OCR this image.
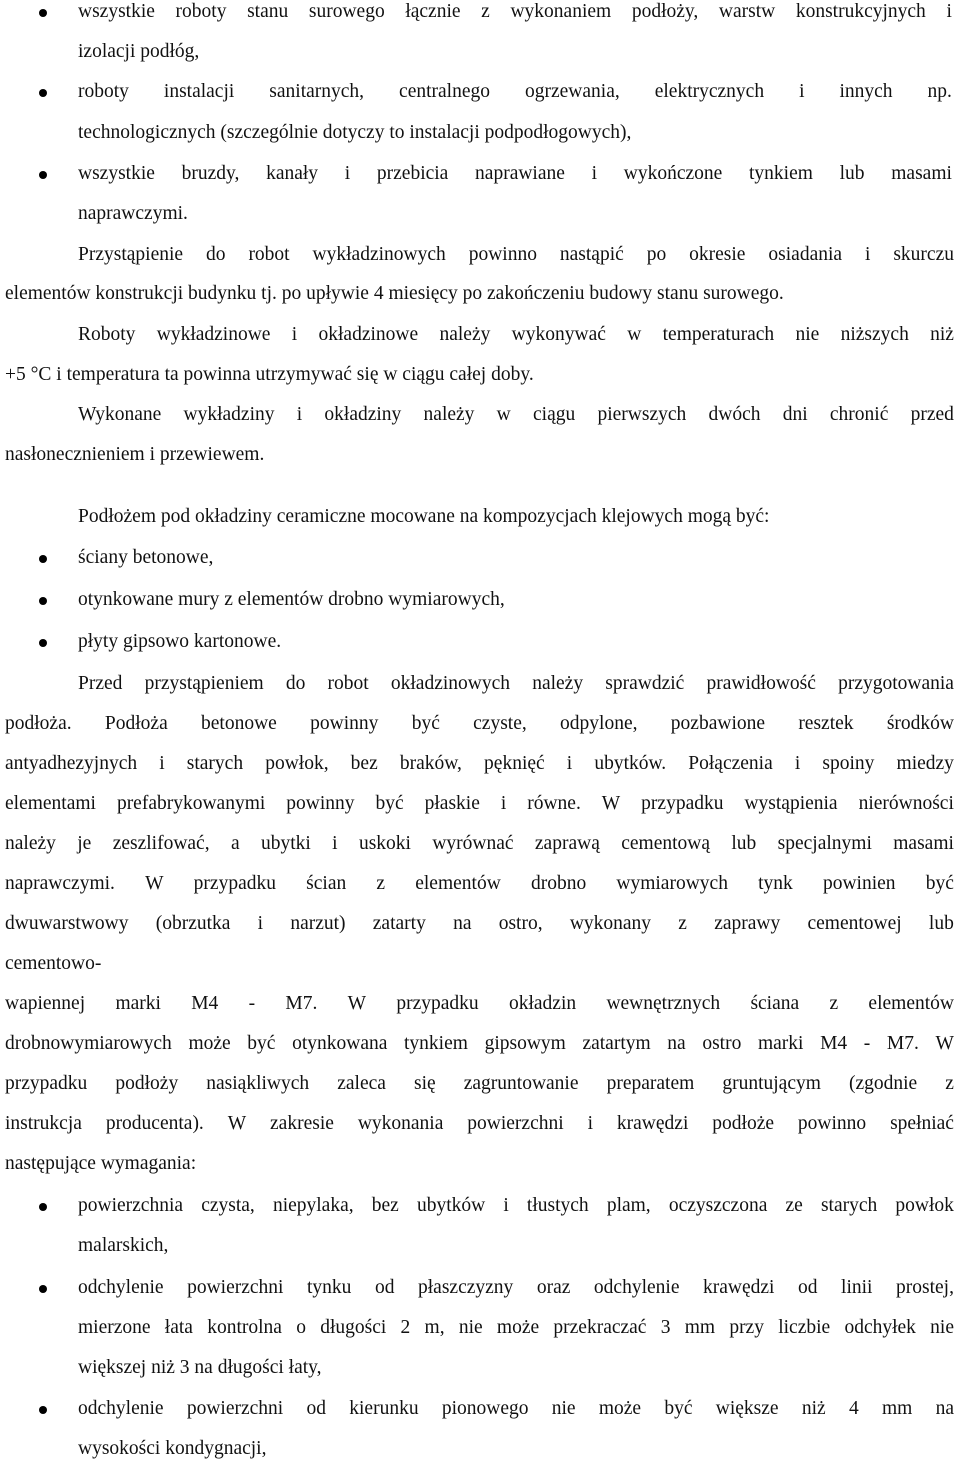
wszystkie roboty stanu surowego łącznie z wykonaniem podłoży, warstw konstrukcyjnych i
izolacji podłóg,
roboty instalacji sanitarnych, centralnego ogrzewania, elektrycznych i innych np.
technologicznych (szczególnie dotyczy to instalacji podpodłogowych),
wszystkie bruzdy, kanały i przebicia naprawiane i wykończone tynkiem lub masami
naprawczymi.
Przystąpienie do robot wykładzinowych powinno nastąpić po okresie osiadania i skurczu
elementów konstrukcji budynku tj. po upływie 4 miesięcy po zakończeniu budowy stanu surowego.
Roboty wykładzinowe i okładzinowe należy wykonywać w temperaturach nie niższych niż
+5 °C i temperatura ta powinna utrzymywać się w ciągu całej doby.
Wykonane wykładziny i okładziny należy w ciągu pierwszych dwóch dni chronić przed
nasłonecznieniem i przewiewem.
Podłożem pod okładziny ceramiczne mocowane na kompozycjach klejowych mogą być:
ściany betonowe,
otynkowane mury z elementów drobno wymiarowych,
płyty gipsowo kartonowe.
Przed przystąpieniem do robot okładzinowych należy sprawdzić prawidłowość przygotowania
podłoża. Podłoża betonowe powinny być czyste, odpylone, pozbawione resztek środków
antyadhezyjnych i starych powłok, bez braków, pęknięć i ubytków. Połączenia i spoiny miedzy
elementami prefabrykowanymi powinny być płaskie i równe. W przypadku wystąpienia nierówności
należy je zeszlifować, a ubytki i uskoki wyrównać zaprawą cementową lub specjalnymi masami
naprawczymi. W przypadku ścian z elementów drobno wymiarowych tynk powinien być
dwuwarstwowy (obrzutka i narzut) zatarty na ostro, wykonany z zaprawy cementowej lub
cementowo-
wapiennej marki M4 - M7. W przypadku okładzin wewnętrznych ściana z elementów
drobnowymiarowych może być otynkowana tynkiem gipsowym zatartym na ostro marki M4 - M7. W
przypadku podłoży nasiąkliwych zaleca się zagruntowanie preparatem gruntującym (zgodnie z
instrukcja producenta). W zakresie wykonania powierzchni i krawędzi podłoże powinno spełniać
następujące wymagania:
powierzchnia czysta, niepylaka, bez ubytków i tłustych plam, oczyszczona ze starych powłok
malarskich,
odchylenie powierzchni tynku od płaszczyzny oraz odchylenie krawędzi od linii prostej,
mierzone łata kontrolna o długości 2 m, nie może przekraczać 3 mm przy liczbie odchyłek nie
większej niż 3 na długości łaty,
odchylenie powierzchni od kierunku pionowego nie może być większe niż 4 mm na
wysokości kondygnacji,
